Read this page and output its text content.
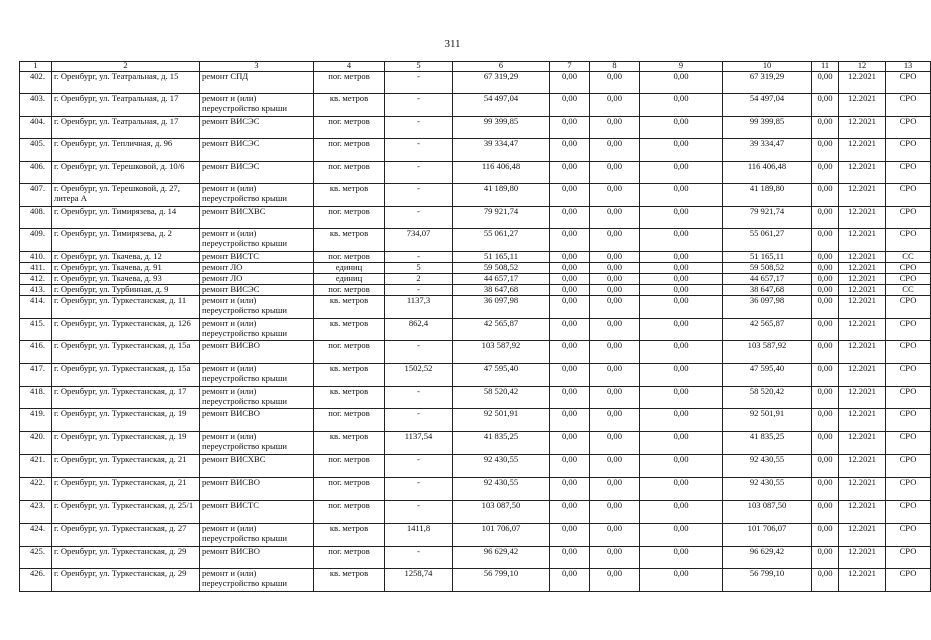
311
1	2	3	4	5	6	7	8	9	10	11	12	13
402.	г. Оренбург, ул. Театральная, д. 15	ремонт СПД	пог. метров	-	67 319,29	0,00	0,00	0,00	67 319,29	0,00	12.2021	СРО
403.	г. Оренбург, ул. Театральная, д. 17	ремонт и (или) переустройство крыши	кв. метров	-	54 497,04	0,00	0,00	0,00	54 497,04	0,00	12.2021	СРО
404.	г. Оренбург, ул. Театральная, д. 17	ремонт ВИСЭС	пог. метров	-	99 399,85	0,00	0,00	0,00	99 399,85	0,00	12.2021	СРО
405.	г. Оренбург, ул. Тепличная, д. 96	ремонт ВИСЭС	пог. метров	-	39 334,47	0,00	0,00	0,00	39 334,47	0,00	12.2021	СРО
406.	г. Оренбург, ул. Терешковой, д. 10/6	ремонт ВИСЭС	пог. метров	-	116 406,48	0,00	0,00	0,00	116 406,48	0,00	12.2021	СРО
407.	г. Оренбург, ул. Терешковой, д. 27, литера А	ремонт и (или) переустройство крыши	кв. метров	-	41 189,80	0,00	0,00	0,00	41 189,80	0,00	12.2021	СРО
408.	г. Оренбург, ул. Тимирязева, д. 14	ремонт ВИСХВС	пог. метров	-	79 921,74	0,00	0,00	0,00	79 921,74	0,00	12.2021	СРО
409.	г. Оренбург, ул. Тимирязева, д. 2	ремонт и (или) переустройство крыши	кв. метров	734,07	55 061,27	0,00	0,00	0,00	55 061,27	0,00	12.2021	СРО
410.	г. Оренбург, ул. Ткачева, д. 12	ремонт ВИСТС	пог. метров	-	51 165,11	0,00	0,00	0,00	51 165,11	0,00	12.2021	СС
411.	г. Оренбург, ул. Ткачева, д. 91	ремонт ЛО	единиц	5	59 508,52	0,00	0,00	0,00	59 508,52	0,00	12.2021	СРО
412.	г. Оренбург, ул. Ткачева, д. 93	ремонт ЛО	единиц	2	44 657,17	0,00	0,00	0,00	44 657,17	0,00	12.2021	СРО
413.	г. Оренбург, ул. Турбинная, д. 9	ремонт ВИСЭС	пог. метров	-	38 647,68	0,00	0,00	0,00	38 647,68	0,00	12.2021	СС
414.	г. Оренбург, ул. Туркестанская, д. 11	ремонт и (или) переустройство крыши	кв. метров	1137,3	36 097,98	0,00	0,00	0,00	36 097,98	0,00	12.2021	СРО
415.	г. Оренбург, ул. Туркестанская, д. 126	ремонт и (или) переустройство крыши	кв. метров	862,4	42 565,87	0,00	0,00	0,00	42 565,87	0,00	12.2021	СРО
416.	г. Оренбург, ул. Туркестанская, д. 15а	ремонт ВИСВО	пог. метров	-	103 587,92	0,00	0,00	0,00	103 587,92	0,00	12.2021	СРО
417.	г. Оренбург, ул. Туркестанская, д. 15а	ремонт и (или) переустройство крыши	кв. метров	1502,52	47 595,40	0,00	0,00	0,00	47 595,40	0,00	12.2021	СРО
418.	г. Оренбург, ул. Туркестанская, д. 17	ремонт и (или) переустройство крыши	кв. метров	-	58 520,42	0,00	0,00	0,00	58 520,42	0,00	12.2021	СРО
419.	г. Оренбург, ул. Туркестанская, д. 19	ремонт ВИСВО	пог. метров	-	92 501,91	0,00	0,00	0,00	92 501,91	0,00	12.2021	СРО
420.	г. Оренбург, ул. Туркестанская, д. 19	ремонт и (или) переустройство крыши	кв. метров	1137,54	41 835,25	0,00	0,00	0,00	41 835,25	0,00	12.2021	СРО
421.	г. Оренбург, ул. Туркестанская, д. 21	ремонт ВИСХВС	пог. метров	-	92 430,55	0,00	0,00	0,00	92 430,55	0,00	12.2021	СРО
422.	г. Оренбург, ул. Туркестанская, д. 21	ремонт ВИСВО	пог. метров	-	92 430,55	0,00	0,00	0,00	92 430,55	0,00	12.2021	СРО
423.	г. Оренбург, ул. Туркестанская, д. 25/1	ремонт ВИСТС	пог. метров	-	103 087,50	0,00	0,00	0,00	103 087,50	0,00	12.2021	СРО
424.	г. Оренбург, ул. Туркестанская, д. 27	ремонт и (или) переустройство крыши	кв. метров	1411,8	101 706,07	0,00	0,00	0,00	101 706,07	0,00	12.2021	СРО
425.	г. Оренбург, ул. Туркестанская, д. 29	ремонт ВИСВО	пог. метров	-	96 629,42	0,00	0,00	0,00	96 629,42	0,00	12.2021	СРО
426.	г. Оренбург, ул. Туркестанская, д. 29	ремонт и (или) переустройство крыши	кв. метров	1258,74	56 799,10	0,00	0,00	0,00	56 799,10	0,00	12.2021	СРО
